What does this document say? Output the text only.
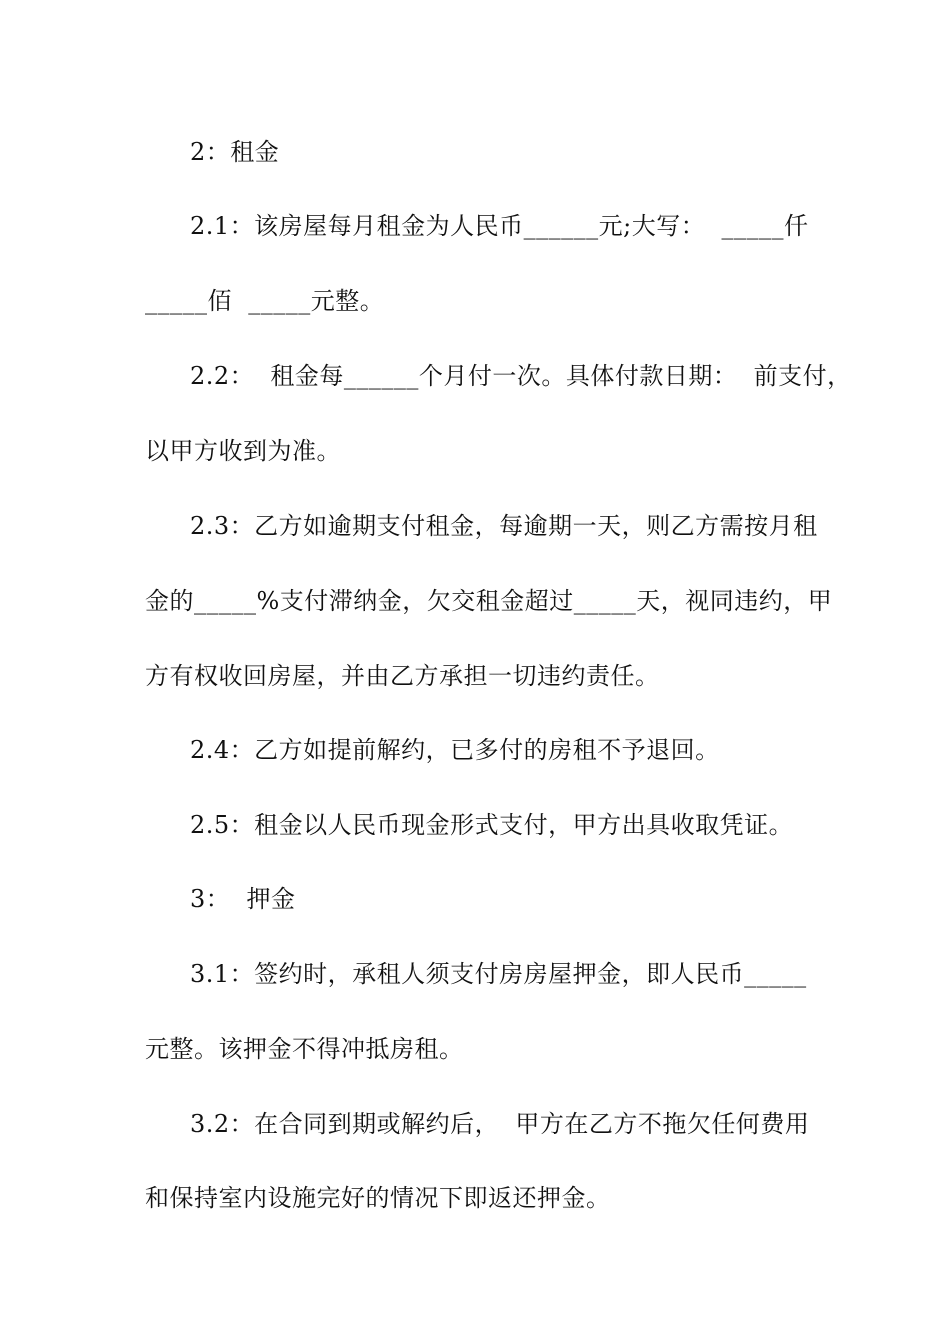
2：租金
2.1：该房屋每月租金为人民币______元;大写：  _____仟
_____佰  _____元整。
2.2：  租金每______个月付一次。具体付款日期：  前支付，
以甲方收到为准。
2.3：乙方如逾期支付租金，每逾期一天，则乙方需按月租
金的_____%支付滞纳金，欠交租金超过_____天，视同违约，甲
方有权收回房屋，并由乙方承担一切违约责任。
2.4：乙方如提前解约，已多付的房租不予退回。
2.5：租金以人民币现金形式支付，甲方出具收取凭证。
3：  押金
3.1：签约时，承租人须支付房房屋押金，即人民币_____
元整。该押金不得冲抵房租。
3.2：在合同到期或解约后，  甲方在乙方不拖欠任何费用
和保持室内设施完好的情况下即返还押金。
